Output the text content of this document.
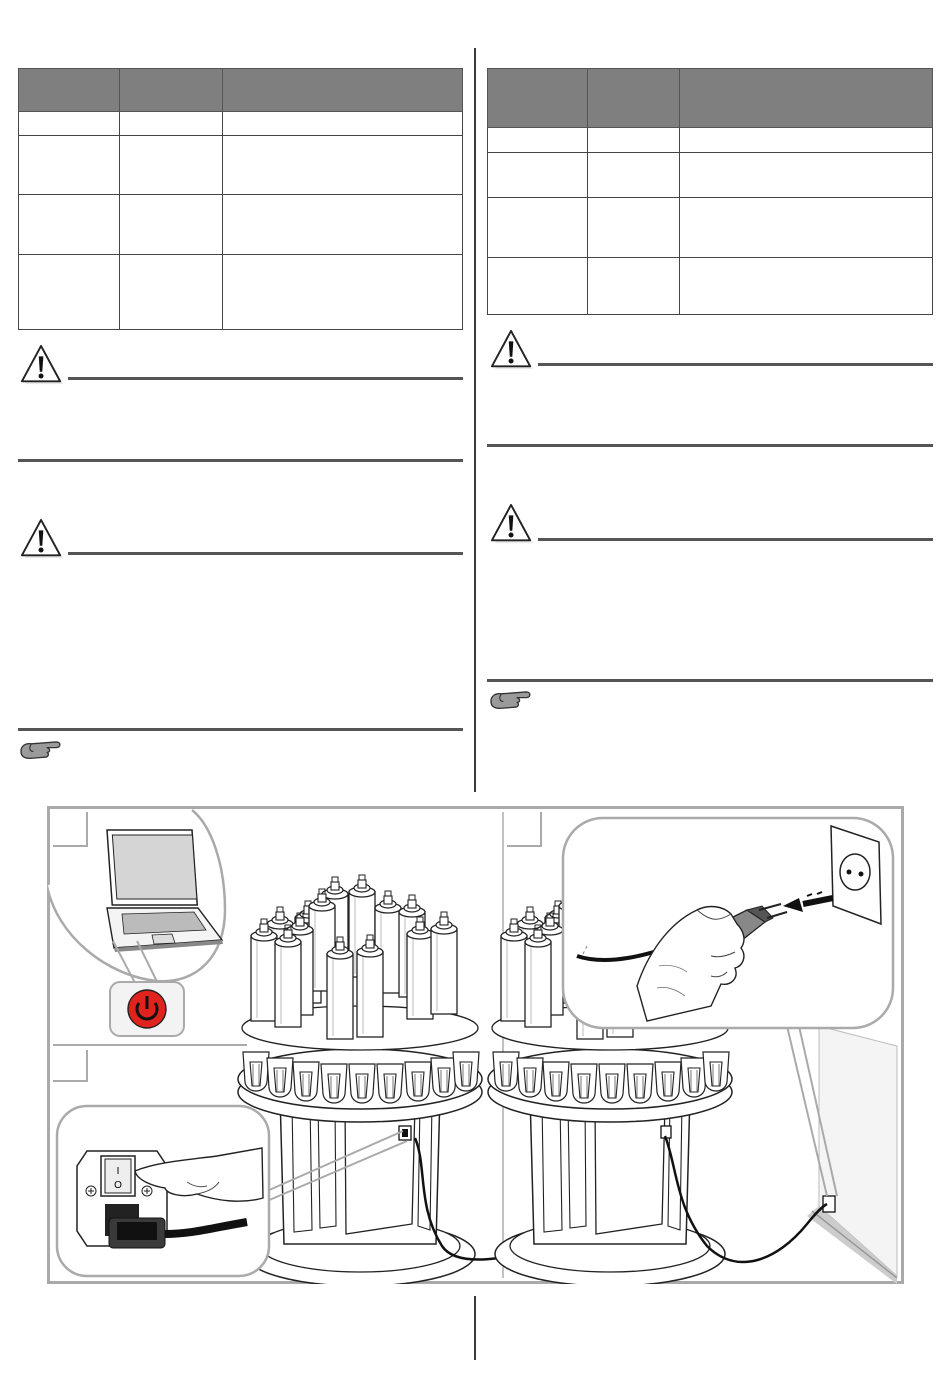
I
O
